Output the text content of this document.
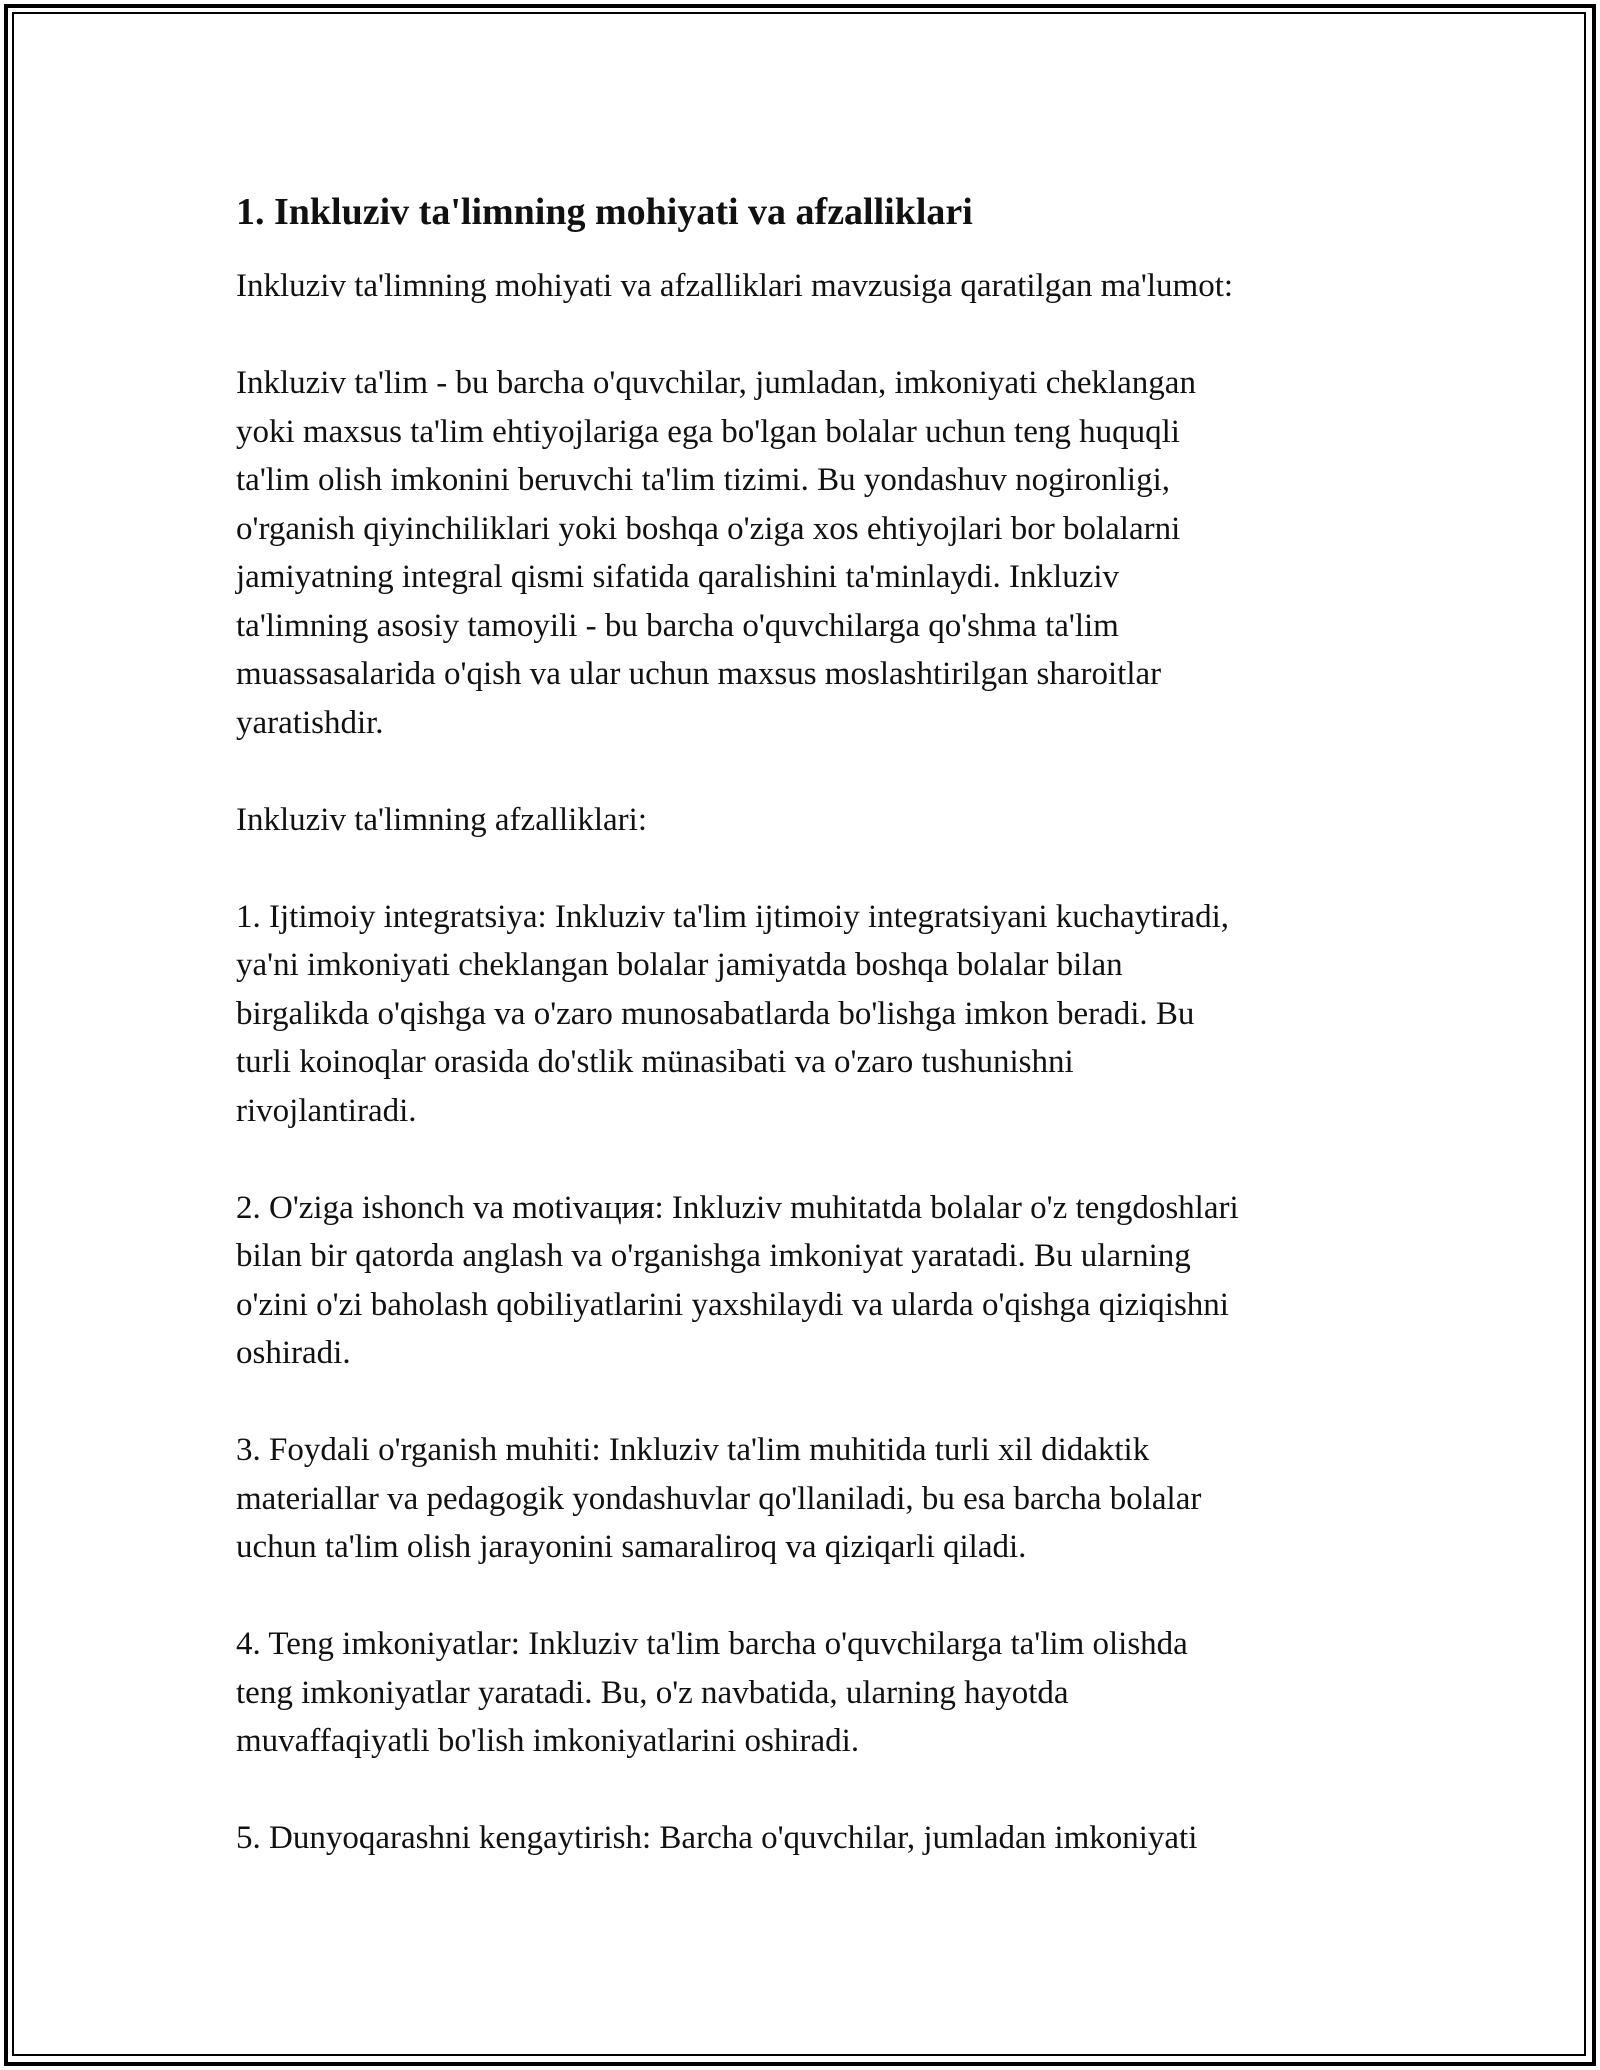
1. Inkluziv ta'limning mohiyati va afzalliklari

Inkluziv ta'limning mohiyati va afzalliklari mavzusiga qaratilgan ma'lumot:

Inkluziv ta'lim - bu barcha o'quvchilar, jumladan, imkoniyati cheklangan
yoki maxsus ta'lim ehtiyojlariga ega bo'lgan bolalar uchun teng huquqli
ta'lim olish imkonini beruvchi ta'lim tizimi. Bu yondashuv nogironligi,
o'rganish qiyinchiliklari yoki boshqa o'ziga xos ehtiyojlari bor bolalarni
jamiyatning integral qismi sifatida qaralishini ta'minlaydi. Inkluziv
ta'limning asosiy tamoyili - bu barcha o'quvchilarga qo'shma ta'lim
muassasalarida o'qish va ular uchun maxsus moslashtirilgan sharoitlar
yaratishdir.

Inkluziv ta'limning afzalliklari:

1. Ijtimoiy integratsiya: Inkluziv ta'lim ijtimoiy integratsiyani kuchaytiradi,
ya'ni imkoniyati cheklangan bolalar jamiyatda boshqa bolalar bilan
birgalikda o'qishga va o'zaro munosabatlarda bo'lishga imkon beradi. Bu
turli koinoqlar orasida do'stlik münasibati va o'zaro tushunishni
rivojlantiradi.

2. O'ziga ishonch va motivaция: Inkluziv muhitatda bolalar o'z tengdoshlari
bilan bir qatorda anglash va o'rganishga imkoniyat yaratadi. Bu ularning
o'zini o'zi baholash qobiliyatlarini yaxshilaydi va ularda o'qishga qiziqishni
oshiradi.

3. Foydali o'rganish muhiti: Inkluziv ta'lim muhitida turli xil didaktik
materiallar va pedagogik yondashuvlar qo'llaniladi, bu esa barcha bolalar
uchun ta'lim olish jarayonini samaraliroq va qiziqarli qiladi.

4. Teng imkoniyatlar: Inkluziv ta'lim barcha o'quvchilarga ta'lim olishda
teng imkoniyatlar yaratadi. Bu, o'z navbatida, ularning hayotda
muvaffaqiyatli bo'lish imkoniyatlarini oshiradi.

5. Dunyoqarashni kengaytirish: Barcha o'quvchilar, jumladan imkoniyati
